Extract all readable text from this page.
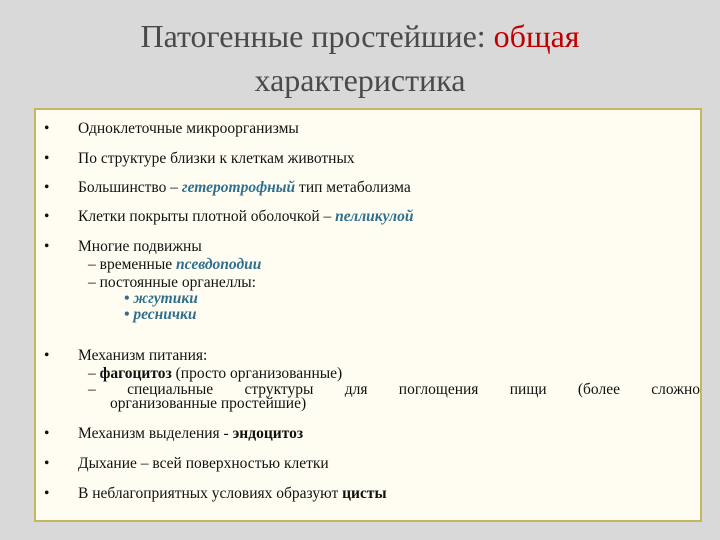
Патогенные простейшие: общая
характеристика
•	Одноклеточные микроорганизмы
•	По структуре близки к клеткам животных
•	Большинство – гетеротрофный тип метаболизма
•	Клетки покрыты плотной оболочкой – пелликулой
•	Многие подвижны
– временные псевдоподии
– постоянные органеллы:
• жгутики
• реснички
•	Механизм питания:
– фагоцитоз (просто организованные)
– специальные структуры для поглощения пищи (более сложно
организованные простейшие)
•	Механизм выделения - эндоцитоз
•	Дыхание – всей поверхностью клетки
•	В неблагоприятных условиях образуют цисты
